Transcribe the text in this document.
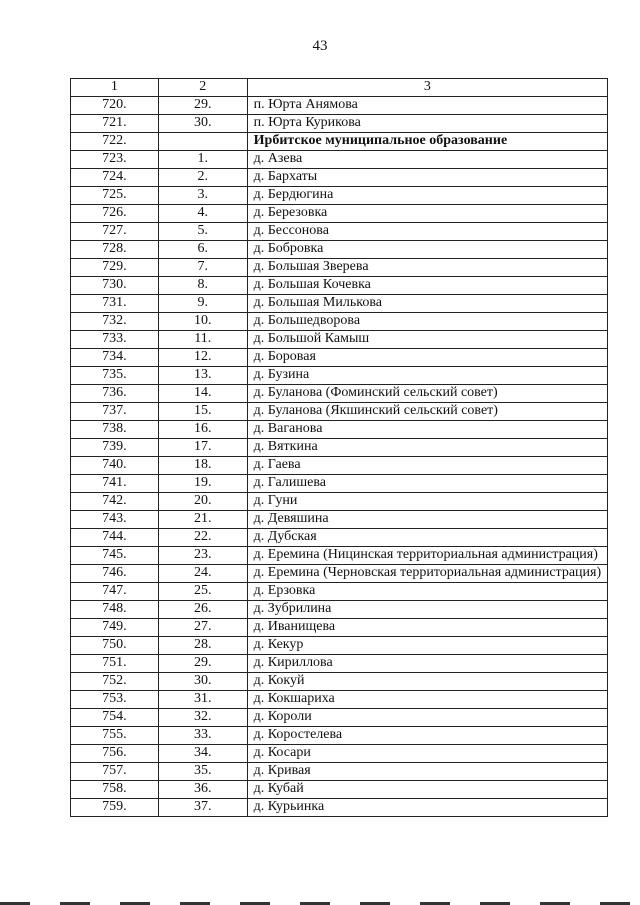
43
1	2	3
720.	29.	п. Юрта Анямова
721.	30.	п. Юрта Курикова
722.		Ирбитское муниципальное образование
723.	1.	д. Азева
724.	2.	д. Бархаты
725.	3.	д. Бердюгина
726.	4.	д. Березовка
727.	5.	д. Бессонова
728.	6.	д. Бобровка
729.	7.	д. Большая Зверева
730.	8.	д. Большая Кочевка
731.	9.	д. Большая Милькова
732.	10.	д. Большедворова
733.	11.	д. Большой Камыш
734.	12.	д. Боровая
735.	13.	д. Бузина
736.	14.	д. Буланова (Фоминский сельский совет)
737.	15.	д. Буланова (Якшинский сельский совет)
738.	16.	д. Ваганова
739.	17.	д. Вяткина
740.	18.	д. Гаева
741.	19.	д. Галишева
742.	20.	д. Гуни
743.	21.	д. Девяшина
744.	22.	д. Дубская
745.	23.	д. Еремина (Ницинская территориальная администрация)
746.	24.	д. Еремина (Черновская территориальная администрация)
747.	25.	д. Ерзовка
748.	26.	д. Зубрилина
749.	27.	д. Иванищева
750.	28.	д. Кекур
751.	29.	д. Кириллова
752.	30.	д. Кокуй
753.	31.	д. Кокшариха
754.	32.	д. Короли
755.	33.	д. Коростелева
756.	34.	д. Косари
757.	35.	д. Кривая
758.	36.	д. Кубай
759.	37.	д. Курьинка
